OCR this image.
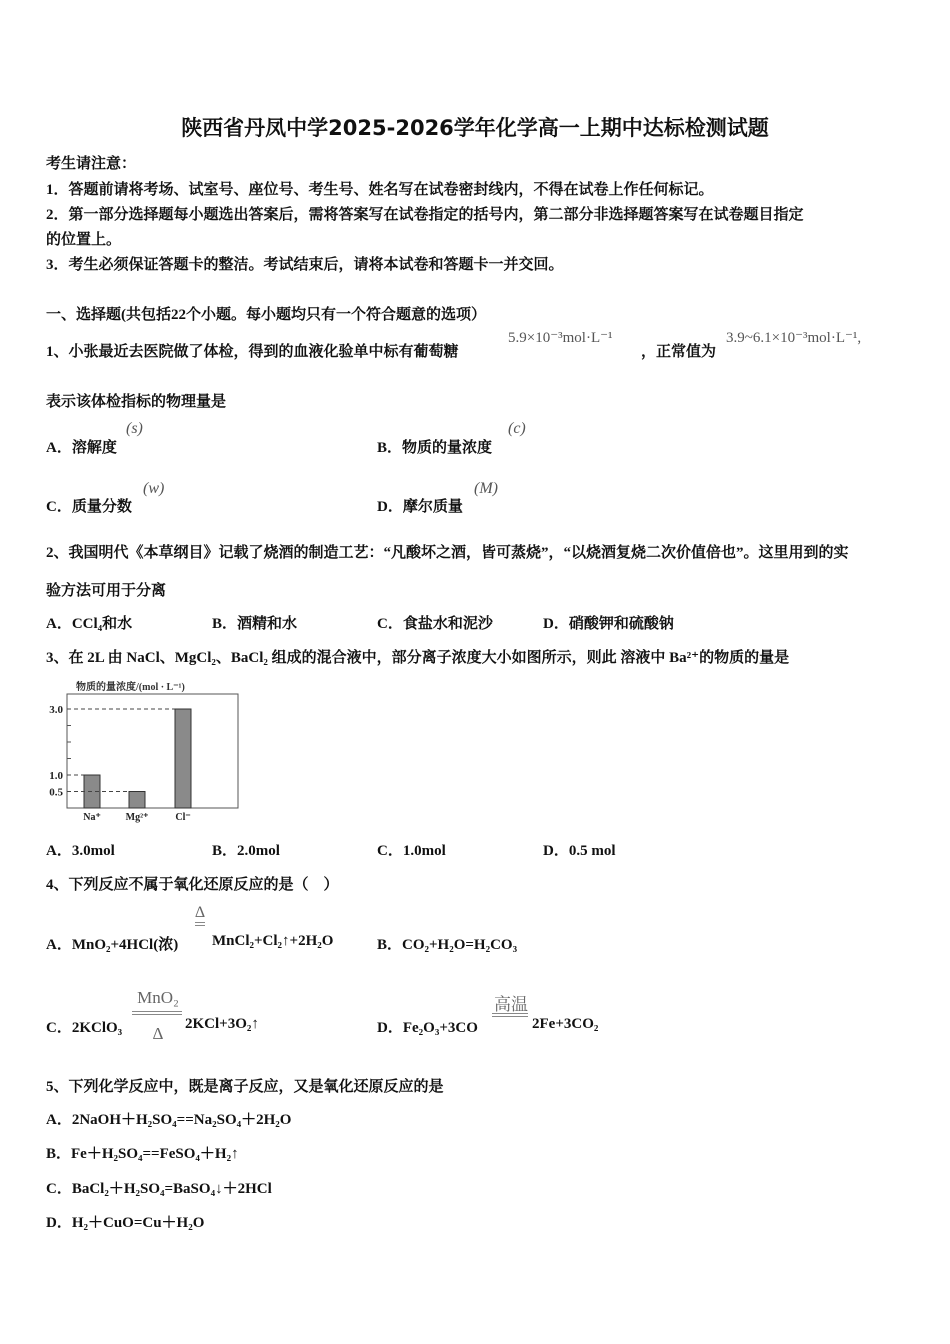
陕西省丹凤中学2025-2026学年化学高一上期中达标检测试题
考生请注意：
1．答题前请将考场、试室号、座位号、考生号、姓名写在试卷密封线内，不得在试卷上作任何标记。
2．第一部分选择题每小题选出答案后，需将答案写在试卷指定的括号内，第二部分非选择题答案写在试卷题目指定
的位置上。
3．考生必须保证答题卡的整洁。考试结束后，请将本试卷和答题卡一并交回。
一、选择题(共包括22个小题。每小题均只有一个符合题意的选项）
1、小张最近去医院做了体检，得到的血液化验单中标有葡萄糖
5.9×10⁻³mol·L⁻¹
，正常值为
3.9~6.1×10⁻³mol·L⁻¹,
表示该体检指标的物理量是
A．溶解度
(s)
B．物质的量浓度
(c)
C．质量分数
(w)
D．摩尔质量
(M)
2、我国明代《本草纲目》记载了烧酒的制造工艺：“凡酸坏之酒，皆可蒸烧”，“以烧酒复烧二次价值倍也”。这里用到的实
验方法可用于分离
A．CCl₄和水	B．酒精和水	C．食盐水和泥沙	D．硝酸钾和硫酸钠
3、在 2L 由 NaCl、MgCl₂、BaCl₂ 组成的混合液中，部分离子浓度大小如图所示，则此 溶液中 Ba²⁺的物质的量是
物质的量浓度/(mol · L⁻¹)
Na⁺ Mg²⁺	Cl⁻
0.5
1.0
3.0
A．3.0mol	B．2.0mol	C．1.0mol	D．0.5 mol
4、下列反应不属于氧化还原反应的是（　）
A．MnO₂+4HCl(浓)
Δ
MnCl₂+Cl₂↑+2H₂O	B．CO₂+H₂O=H₂CO₃
C．2KClO₃
MnO₂
Δ	2KCl+3O₂↑	D．Fe₂O₃+3CO
高温
2Fe+3CO₂
5、下列化学反应中，既是离子反应，又是氧化还原反应的是
A．2NaOH＋H₂SO₄==Na₂SO₄＋2H₂O
B．Fe＋H₂SO₄==FeSO₄＋H₂↑
C．BaCl₂＋H₂SO₄=BaSO₄↓＋2HCl
D．H₂＋CuO=Cu＋H₂O
